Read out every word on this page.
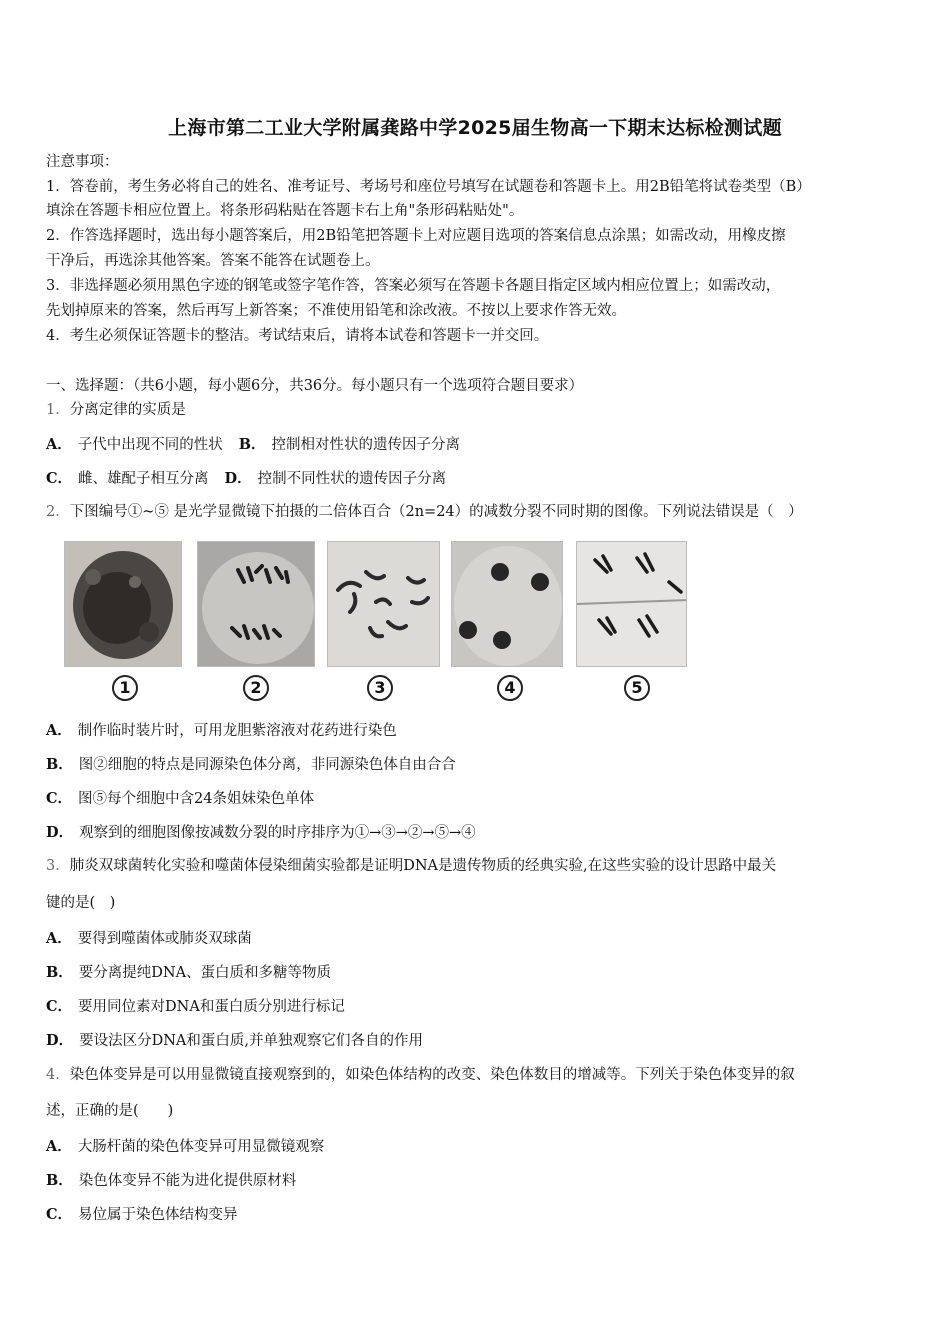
上海市第二工业大学附属龚路中学2025届生物高一下期末达标检测试题
注意事项：
1．答卷前，考生务必将自己的姓名、准考证号、考场号和座位号填写在试题卷和答题卡上。用2B铅笔将试卷类型（B）
填涂在答题卡相应位置上。将条形码粘贴在答题卡右上角"条形码粘贴处"。
2．作答选择题时，选出每小题答案后，用2B铅笔把答题卡上对应题目选项的答案信息点涂黑；如需改动，用橡皮擦
干净后，再选涂其他答案。答案不能答在试题卷上。
3．非选择题必须用黑色字迹的钢笔或签字笔作答，答案必须写在答题卡各题目指定区域内相应位置上；如需改动，
先划掉原来的答案，然后再写上新答案；不准使用铅笔和涂改液。不按以上要求作答无效。
4．考生必须保证答题卡的整洁。考试结束后，请将本试卷和答题卡一并交回。
一、选择题：（共6小题，每小题6分，共36分。每小题只有一个选项符合题目要求）
1．分离定律的实质是
A． 子代中出现不同的性状 B． 控制相对性状的遗传因子分离
C． 雌、雄配子相互分离 D． 控制不同性状的遗传因子分离
2．下图编号①~⑤ 是光学显微镜下拍摄的二倍体百合（2n=24）的减数分裂不同时期的图像。下列说法错误是（　）
1	2	3	4	5
A． 制作临时装片时，可用龙胆紫溶液对花药进行染色
B． 图②细胞的特点是同源染色体分离，非同源染色体自由合合
C． 图⑤每个细胞中含24条姐妹染色单体
D． 观察到的细胞图像按减数分裂的时序排序为①→③→②→⑤→④
3．肺炎双球菌转化实验和噬菌体侵染细菌实验都是证明DNA是遗传物质的经典实验,在这些实验的设计思路中最关
键的是(　)
A． 要得到噬菌体或肺炎双球菌
B． 要分离提纯DNA、蛋白质和多糖等物质
C． 要用同位素对DNA和蛋白质分别进行标记
D． 要设法区分DNA和蛋白质,并单独观察它们各自的作用
4．染色体变异是可以用显微镜直接观察到的，如染色体结构的改变、染色体数目的增减等。下列关于染色体变异的叙
述，正确的是(　　)
A． 大肠杆菌的染色体变异可用显微镜观察
B． 染色体变异不能为进化提供原材料
C． 易位属于染色体结构变异
